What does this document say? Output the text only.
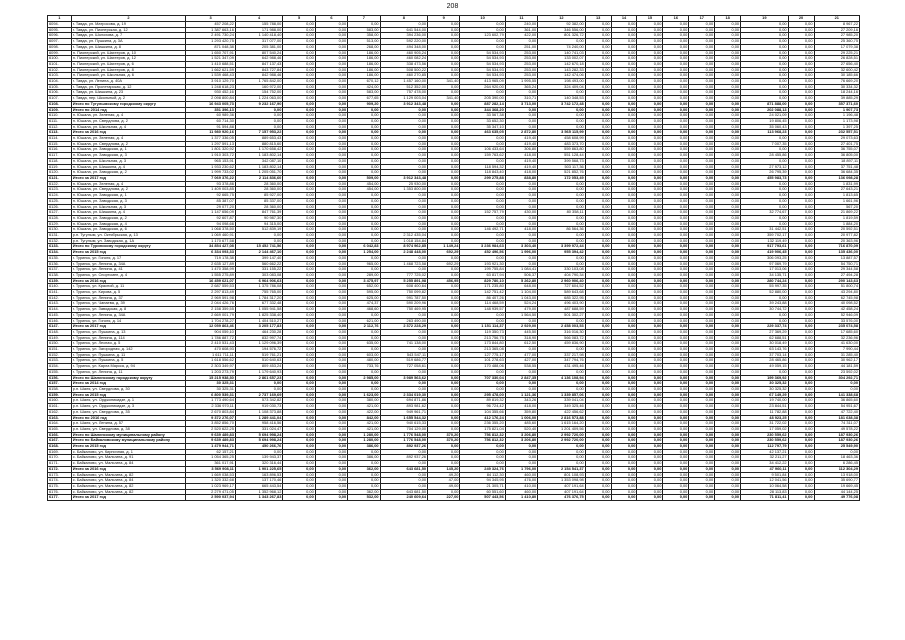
208
1	2	3	4	5	6	7	8	9	10	11	12	13	14	15	16	17	18	19	20	21
6094.	г. Тавда, ул. Матросова, д. 19	457 208,22	155 788,00	0,00	0,00	0,00	0,00	0,00	0,00	240,00	92 382,00	0,00	0,00	0,00	0,00	0,00	0,00	0,00	0,00	8 967,22
6095.	г. Тавда, ул. Пионерская, д. 12	1 387 663,16	171 988,00	0,00	0,00	583,00	641 544,00	0,00	0,00	361,00	346 556,00	0,00	0,00	0,00	0,00	0,00	0,00	0,00	0,00	27 209,16
6096.	г. Тавда, ул. Шолохова, д. 7	2 491 730,24	1 140 418,40	0,00	0,00	358,00	394 236,00	0,00	123 602,79	422,00	801 326,72	0,00	0,00	0,00	0,00	0,00	0,00	0,00	0,00	27 985,20
6097.	г. Тавда, ул. Пушкина, д. 3А	1 293 420,75	317 077,00	0,00	0,00	513,00	592 220,00	0,00	0,00	0,00	0,00	0,00	0,00	0,00	0,00	0,00	0,00	0,00	0,00	25 360,75
6098.	г. Тавда, ул. Шишкина, д. 8	871 048,38	205 381,00	0,00	0,00	268,00	494 348,00	0,00	0,00	251,00	74 240,00	0,00	0,00	0,00	0,00	0,00	0,00	0,00	0,00	17 079,38
6099.	п. Пионерский, ул. Шахтеров, д. 10	1 650 707,91	807 540,24	0,00	0,00	186,00	460 905,24	0,00	54 534,93	253,00	140 741,03	0,00	0,00	0,00	0,00	0,00	0,00	0,00	0,00	29 225,21
6100.	п. Пионерский, ул. Шахтеров, д. 12	1 521 347,09	642 988,46	0,00	0,00	186,00	460 082,24	0,00	54 534,93	253,00	133 002,07	0,00	0,00	0,00	0,00	0,00	0,00	0,00	0,00	26 828,51
6101.	п. Пионерский, ул. Шахтеров, д. 6	1 410 688,51	847 137,43	0,00	0,00	186,00	338 473,56	0,00	54 534,93	253,00	142 670,18	0,00	0,00	0,00	0,00	0,00	0,00	0,00	0,00	27 656,40
6102.	п. Пионерский, ул. Шахтеров, д. 8	1 662 621,59	843 727,84	0,00	0,00	186,00	508 500,22	0,00	54 534,93	253,00	143 282,33	0,00	0,00	0,00	0,00	0,00	0,00	0,00	0,00	32 600,42
6103.	п. Пионерский, ул. Школьная, д. 6	1 539 468,43	842 988,46	0,00	0,00	186,00	460 270,85	0,00	54 534,93	253,00	142 474,06	0,00	0,00	0,00	0,00	0,00	0,00	0,00	0,00	30 185,66
6104.	г. Тавда, ул. Ленина, д. 40А	3 910 129,70	1 765 842,00	0,00	0,00	670,12	1 457 160,00	341,40	413 965,09	1 995,55	198 493,00	0,00	0,00	0,00	0,00	0,00	0,00	0,00	0,00	76 669,20
6105.	г. Тавда, ул. Пролетарская, д. 12	1 248 618,23	160 972,00	0,00	0,00	424,00	512 352,00	0,00	264 920,00	365,24	324 409,04	0,00	0,00	0,00	0,00	0,00	0,00	0,00	0,00	30 334,32
6106.	г. Тавда, ул. Шишкина, д. 23	930 452,16	154 752,00	0,00	0,00	583,00	757 478,00	0,00	0,00	0,00	0,00	0,00	0,00	0,00	0,00	0,00	0,00	0,00	0,00	18 244,16
6107.	г. Тавда, пер. Школьный, д. 2	2 098 800,84	1 224 063,00	0,00	0,00	677,65	1 129 003,04	341,40	205 390,00	310,71	140 348,53	0,00	0,00	0,00	0,00	0,00	0,00	0,00	0,00	39 885,29
6108.	Итого по Тугулымскому городскому округу	16 943 005,73	9 232 167,90	0,00	0,00	909,20	3 912 343,48	0,00	887 282,14	3 713,00	3 742 172,48	0,00	0,00	0,00	0,00	0,00	0,00	871 888,00	0,00	357 371,60
6109.	Итого по 2014 год	351 396,13	0,00	0,00	0,00	0,00	0,00	0,00	344 368,20	0,00	0,00	0,00	0,00	0,00	0,00	0,00	0,00	202 088,13	0,00	1 907,73
6110.	п. Юшала, ул. Зеленая, д. 4	60 989,36	0,00	0,00	0,00	0,00	0,00	0,00	33 567,38	0,00	0,00	0,00	0,00	0,00	0,00	0,00	0,00	24 021,09	0,00	1 196,48
6111.	п. Юшала, ул. Свердлова, д. 2	60 714,30	0,00	0,00	0,00	0,00	0,00	0,00	33 652,30	0,00	0,00	0,00	0,00	0,00	0,00	0,00	0,00	19 806,45	0,00	1 173,98
6112.	п. Юшала, ул. Школьная, д. 4	91 594,88	0,00	0,00	0,00	0,00	0,00	0,00	35 347,10	0,00	0,00	0,00	0,00	0,00	0,00	0,00	0,00	35 060,43	0,00	1 397,25
6113.	Итого за 2016 год	11 980 920,16	7 157 953,22	0,00	0,00	0,00	0,00	0,00	463 635,05	2 872,80	3 565 115,99	0,00	0,00	0,00	0,00	0,00	0,00	113 968,23	0,00	232 557,51
6114.	п. Юшала, ул. Зеленая, д. 4	1 377 336,05	889 653,43	0,00	0,00	0,00	0,00	0,00	0,00	419,40	458 608,99	0,00	0,00	0,00	0,00	0,00	0,00	0,00	0,00	29 073,63
6115.	п. Юшала, ул. Свердлова, д. 2	1 297 591,13	880 815,60	0,00	0,00	0,00	0,00	0,00	0,00	419,40	483 373,70	0,00	0,00	0,00	0,00	0,00	0,00	7 007,35	0,00	27 401,75
6116.	п. Юшала, ул. Заводская, д. 1	1 801 320,92	1 170 658,42	0,00	0,00	0,00	0,00	0,00	106 433,64	306,80	559 863,80	0,00	0,00	0,00	0,00	0,00	0,00	0,00	0,00	36 755,07
6117.	п. Юшала, ул. Заводская, д. 3	1 910 303,72	1 183 802,14	0,00	0,00	0,00	0,00	0,00	159 763,62	418,00	551 128,44	0,00	0,00	0,00	0,00	0,00	0,00	28 455,86	0,00	36 805,00
6118.	п. Юшала, ул. Школьная, д. 3	965 153,91	342 087,10	0,00	0,00	0,00	0,00	0,00	0,00	419,40	399 568,73	0,00	0,00	0,00	0,00	0,00	0,00	0,00	0,00	18 897,11
6119.	п. Юшала, ул. Шишкина, д. 4	1 933 230,62	1 183 802,14	0,00	0,00	0,00	0,00	0,00	118 594,32	419,40	503 117,36	0,00	0,00	0,00	0,00	0,00	0,00	27 973,12	0,00	37 751,48
6120.	п. Юшала, ул. Заводская, д. 2	1 999 733,02	1 205 051,70	0,00	0,00	0,00	0,00	0,00	118 843,40	418,00	521 852,76	0,00	0,00	0,00	0,00	0,00	0,00	26 795,39	0,00	36 684,35
6121.	Итого за 2017 год	7 069 376,22	2 114 836,60	0,00	0,00	509,00	3 912 343,48	0,00	299 275,88	838,80	172 053,49	0,00	0,00	0,00	0,00	0,00	0,00	455 983,73	0,00	136 098,28
6122.	п. Юшала, ул. Зеленая, д. 4	93 378,86	28 360,00	0,00	0,00	454,00	25 930,00	0,00	0,00	0,00	0,00	0,00	0,00	0,00	0,00	0,00	0,00	0,00	0,00	1 831,99
6123.	п. Юшала, ул. Свердлова, д. 2	1 409 003,85	28 360,00	0,00	0,00	454,00	1 353 800,00	0,00	0,00	0,00	0,00	0,00	0,00	0,00	0,00	0,00	0,00	0,00	0,00	27 643,21
6124.	п. Юшала, ул. Заводская, д. 1	92 665,75	85 927,00	0,00	0,00	0,00	0,00	0,00	0,00	0,00	0,00	0,00	0,00	0,00	0,00	0,00	0,00	0,00	0,00	1 813,65
6125.	п. Юшала, ул. Заводская, д. 3	85 387,07	85 337,00	0,00	0,00	0,00	0,00	0,00	0,00	0,00	0,00	0,00	0,00	0,00	0,00	0,00	0,00	0,00	0,00	1 661,96
6126.	п. Юшала, ул. Школьная, д. 3	29 077,20	28 360,00	0,00	0,00	0,00	0,00	0,00	0,00	0,00	0,00	0,00	0,00	0,00	0,00	0,00	0,00	0,00	0,00	567,20
6127.	п. Юшала, ул. Шишкина, д. 4	1 147 656,09	847 761,39	0,00	0,00	0,00	0,00	0,00	152 757,79	430,00	80 358,11	0,00	0,00	0,00	0,00	0,00	0,00	32 774,67	0,00	21 869,22
6128.	п. Юшала, ул. Заводская, д. 2	92 607,87	90 987,30	0,00	0,00	0,00	0,00	0,00	0,00	0,00	0,00	0,00	0,00	0,00	0,00	0,00	0,00	0,00	0,00	1 819,59
6129.	п. Юшала, ул. Заводская, д. 4	94 098,66	94 315,00	0,00	0,00	0,00	0,00	0,00	0,00	0,00	0,00	0,00	0,00	0,00	0,00	0,00	0,00	0,00	0,00	1 884,20
6130.	п. Юшала, ул. Заводская, д. 6	1 068 378,50	512 839,19	0,00	0,00	0,00	0,00	0,00	146 492,71	418,00	86 564,36	0,00	0,00	0,00	0,00	0,00	0,00	31 442,51	0,00	20 592,51
6131.	р.п. Тугулым, ул. Октябрьская, д. 13	1 069 460,91	0,00	0,00	0,00	0,00	2 312 435,04	0,00	0,00	0,00	0,00	0,00	0,00	0,00	0,00	0,00	0,00	359 702,17	0,00	20 977,82
6132.	р.п. Тугулым, ул. Заводская, д. 1А	1 170 677,58	0,00	0,00	0,00	0,00	1 018 154,84	0,00	0,00	0,00	0,00	0,00	0,00	0,00	0,00	0,00	0,00	132 119,49	0,00	20 363,96
6133.	Итого по Туринскому городскому округу	34 854 427,08	15 452 741,56	0,00	0,00	6 042,83	8 974 962,85	1 149,24	3 236 984,63	3 303,40	3 399 972,44	0,00	0,00	0,00	0,00	0,00	0,00	917 793,61	0,00	716 870,09
6134.	Итого за 2015 год	6 334 093,33	2 144 467,10	0,00	0,00	1 254,00	2 248 448,00	692,29	452 496,56	1 996,00	955 394,42	0,00	0,00	0,00	0,00	0,00	0,00	419 906,45	0,00	135 436,00
6135.	г. Туринск, ул. Гоголя, д. 17	719 178,38	399 147,40	0,00	0,00	0,00	0,00	0,00	0,00	0,00	0,00	0,00	0,00	0,00	0,00	0,00	0,00	306 093,25	0,00	13 887,57
6136.	г. Туринск, ул. Ленина, д. 34А	2 635 127,89	560 662,22	0,00	0,00	965,00	1 468 723,58	692,29	193 921,30	0,00	0,00	0,00	0,00	0,00	0,00	0,00	0,00	97 069,79	0,00	54 750,71
6137.	г. Туринск, ул. Ленина, д. 41	1 470 358,99	331 155,22	0,00	0,00	0,00	0,00	0,00	199 755,84	1 084,41	330 103,08	0,00	0,00	0,00	0,00	0,00	0,00	17 013,06	0,00	29 344,58
6138.	г. Туринск, ул. Спортсмен, д. 4	1 555 275,89	303 083,08	0,00	0,00	289,00	777 725,02	0,00	63 817,94	506,37	404 790,34	0,00	0,00	0,00	0,00	0,00	0,00	34 135,71	0,00	27 494,28
6139.	Итого за 2016 год	16 459 621,07	6 964 906,63	0,00	0,00	3 475,97	5 255 891,98	456,95	829 780,10	5 262,80	2 960 906,40	0,00	0,00	0,00	0,00	0,00	0,00	280 744,24	0,00	290 143,63
6140.	г. Туринск, ул. Красной, д. 11	2 687 559,53	1 375 786,08	0,00	0,00	652,00	608 400,64	0,00	171 235,80	648,00	727 604,52	0,00	0,00	0,00	0,00	0,00	0,00	55 997,35	0,00	51 800,74
6141.	г. Туринск, ул. Кирова, д. 5	2 297 813,49	755 765,00	0,00	0,00	595,00	750 099,82	0,00	142 751,42	1 104,00	589 643,68	0,00	0,00	0,00	0,00	0,00	0,00	52 880,00	0,00	43 294,80
6142.	г. Туринск, ул. Ленина, д. 37	2 969 591,98	1 784 317,20	0,00	0,00	625,00	991 787,50	0,00	86 407,26	1 043,00	685 322,95	0,00	0,00	0,00	0,00	0,00	0,00	0,00	0,00	62 745,98
6143.	г. Туринск, ул. Чапаева, д. 39	2 044 426,76	677 332,48	0,00	0,00	474,37	590 209,96	0,00	114 468,59	524,24	496 403,90	0,00	0,00	0,00	0,00	0,00	0,00	39 243,88	0,00	40 098,52
6144.	г. Туринск, ул. Заводская, д. 8	2 158 359,55	1 055 941,58	0,00	0,00	468,60	750 469,95	0,00	148 939,57	479,00	487 688,59	0,00	0,00	0,00	0,00	0,00	0,00	30 744,72	0,00	42 458,24
6145.	г. Туринск, ул. Ленина, д. 34А	2 669 001,79	1 825 338,40	0,00	0,00	0,00	0,00	0,00	0,00	1 564,50	501 302,27	0,00	0,00	0,00	0,00	0,00	0,00	0,00	0,00	52 946,09
6146.	г. Туринск, ул. Гоголя, д. 14	1 704 278,27	1 404 510,27	0,00	0,00	621,00	263 490,00	0,00	0,00	0,00	0,00	0,00	0,00	0,00	0,00	0,00	0,00	0,00	0,00	33 576,00
6147.	Итого за 2017 год	12 059 863,46	3 205 177,83	0,00	0,00	2 112,76	2 372 228,29	0,00	1 151 114,37	2 929,00	2 458 003,53	0,00	0,00	0,00	0,00	0,00	0,00	229 337,74	0,00	235 074,58
6148.	г. Туринск, ул. Пушкина, д. 13	904 059,10	464 230,28	0,00	0,00	0,00	0,00	0,00	119 350,73	445,50	316 016,30	0,00	0,00	0,00	0,00	0,00	0,00	27 369,29	0,00	17 685,60
6149.	г. Туринск, ул. Ленина, д. 114	1 786 887,72	832 997,74	0,00	0,00	0,00	0,00	0,00	213 756,75	318,90	566 083,72	0,00	0,00	0,00	0,00	0,00	0,00	62 688,51	0,00	32 236,96
6150.	г. Туринск, ул. Лесная, д. 5	2 410 531,43	1 129 096,39	0,00	0,00	635,00	741 138,00	0,00	173 844,80	612,50	459 836,90	0,00	0,00	0,00	0,00	0,00	0,00	30 018,49	0,00	41 630,00
6151.	г. Туринск, ул. Загородная, д. 142	470 608,93	194 576,72	0,00	0,00	0,00	0,00	0,00	213 365,08	0,00	0,00	0,00	0,00	0,00	0,00	0,00	0,00	63 143,76	0,00	7 990,44
6152.	г. Туринск, ул. Пушкина, д. 11	1 611 711,11	519 761,21	0,00	0,00	603,00	543 547,11	0,00	127 775,17	477,00	337 217,98	0,00	0,00	0,00	0,00	0,00	0,00	37 703,14	0,00	31 285,40
6153.	г. Туринск, ул. Пушкина, д. 5	1 618 556,62	510 640,63	0,00	0,00	480,00	519 686,77	0,00	101 278,63	427,00	347 794,76	0,00	0,00	0,00	0,00	0,00	0,00	28 465,86	0,00	30 962,17
6154.	г. Туринск, ул. Карла Маркса, д. 94	2 303 349,97	809 453,24	0,00	0,00	733,76	727 058,61	0,00	170 488,06	538,55	431 495,46	0,00	0,00	0,00	0,00	0,00	0,00	49 059,15	0,00	44 181,59
6155.	г. Туринск, ул. Ленина, д. 11	1 203 273,79	1 179 640,93	0,00	0,00	0,00	0,00	0,00	0,00	0,00	0,00	0,00	0,00	0,00	0,00	0,00	0,00	0,00	0,00	23 592,02
6156.	Итого по Шалинскому городскому округу	15 215 938,30	2 861 657,23	0,00	0,00	2 985,00	3 989 563,62	0,00	707 330,04	2 847,35	4 136 108,94	0,00	0,00	0,00	0,00	0,00	0,00	199 369,92	0,00	304 292,71
6157.	Итого за 2014 год	30 325,31	0,00	0,00	0,00	0,00	0,00	0,00	0,00	0,00	0,00	0,00	0,00	0,00	0,00	0,00	0,00	30 325,32	0,00	0,00
6158.	р.п. Шаля, ул. Свердлова, д. 30	30 325,31	0,00	0,00	0,00	0,00	0,00	0,00	0,00	0,00	0,00	0,00	0,00	0,00	0,00	0,00	0,00	30 325,32	0,00	0,00
6159.	Итого за 2015 год	6 800 539,31	2 737 169,69	0,00	0,00	1 623,00	2 334 019,30	0,00	295 478,00	1 121,36	1 339 857,06	0,00	0,00	0,00	0,00	0,00	0,00	67 149,29	0,00	141 338,68
6160.	р.п. Шаля, ул. Орджоникидзе, д. 1	1 773 490,64	573 342,82	0,00	0,00	380,00	694 871,86	0,00	89 819,32	343,26	339 041,04	0,00	0,00	0,00	0,00	0,00	0,00	19 740,00	0,00	36 865,60
6161.	р.п. Шаля, ул. Орджоникидзе, д. 3	2 336 970,11	919 030,73	0,00	0,00	421,00	893 981,62	0,00	96 724,42	418,00	349 325,46	0,00	0,00	0,00	0,00	0,00	0,00	23 844,51	0,00	54 951,67
6162.	р.п. Шаля, ул. Свердлова, д. 35	2 670 803,84	1 108 373,88	0,00	0,00	422,00	949 961,71	0,00	104 355,66	359,80	422 456,62	0,00	0,00	0,00	0,00	0,00	0,00	11 782,88	0,00	47 722,40
6163.	Итого по 2016 год	9 372 276,07	1 289 441,04	0,00	0,00	842,00	1 655 544,32	0,00	412 176,24	1 006,00	2 816 573,88	0,00	0,00	0,00	0,00	0,00	0,00	48 923,25	0,00	181 638,38
6164.	р.п. Шаля, ул. Ленина, д. 57	3 852 856,70	958 416,56	0,00	0,00	421,00	940 615,33	0,00	236 355,20	485,60	1 615 164,20	0,00	0,00	0,00	0,00	0,00	0,00	31 722,02	0,00	74 311,07
6165.	р.п. Шаля, ул. Свердлова, д. 38	2 520 622,25	331 024,47	0,00	0,00	421,00	704 129,00	0,00	175 821,04	520,40	1 201 409,56	0,00	0,00	0,00	0,00	0,00	0,00	17 059,02	0,00	49 578,22
6166.	Итого по Шалинскому муниципальному району	9 639 489,83	5 694 998,24	0,00	0,00	1 280,00	1 776 548,00	370,20	756 812,32	3 206,80	2 992 720,00	0,00	0,00	0,00	0,00	0,00	0,00	230 559,62	0,00	187 930,26
6167.	Итого по Байкаловскому муниципальному району	9 639 489,83	5 694 998,24	0,00	0,00	1 280,00	1 776 548,00	370,20	756 812,32	3 206,80	2 992 720,00	0,00	0,00	0,00	0,00	0,00	0,00	230 559,62	0,00	187 930,26
6168.	Итого за 2015 год	1 479 944,71	450 266,76	0,00	0,00	386,00	892 937,26	0,00	0,00	0,00	0,00	0,00	0,00	0,00	0,00	0,00	0,00	112 797,79	0,00	25 549,90
6169.	с. Байкалово, ул. Кирпичная, д. 1	62 157,21	0,00	0,00	0,00	0,00	0,00	0,00	0,00	0,00	0,00	0,00	0,00	0,00	0,00	0,00	0,00	42 137,21	0,00	0,00
6170.	с. Байкалово, ул. Мальгина, д. 91	1 054 365,25	139 943,37	0,00	0,00	386,00	892 937,26	0,00	0,00	0,00	0,00	0,00	0,00	0,00	0,00	0,00	0,00	32 211,27	0,00	18 463,36
6171.	с. Байкалово, ул. Мальгина, д. 84	361 017,91	320 316,44	0,00	0,00	0,00	0,00	0,00	0,00	0,00	0,00	0,00	0,00	0,00	0,00	0,00	0,00	34 412,22	0,00	6 286,45
6172.	Итого за 2016 год	3 569 908,11	1 901 225,65	0,00	0,00	362,00	643 681,50	145,20	249 324,76	1 796,00	2 154 541,37	0,00	0,00	0,00	0,00	0,00	0,00	47 960,11	0,00	112 304,29
6173.	с. Байкалово, ул. Мальгина, д. 82	1 669 038,53	163 896,53	0,00	0,00	0,00	0,00	49,20	84 112,30	460,00	801 108,93	0,00	0,00	0,00	0,00	0,00	0,00	9 501,84	0,00	13 918,00
6174.	с. Байкалово, ул. Мальгина, д. 84	1 320 332,68	137 170,46	0,00	0,00	0,00	0,00	47,00	94 345,95	476,00	1 353 098,98	0,00	0,00	0,00	0,00	0,00	0,00	12 041,56	0,00	35 690,77
6175.	с. Байкалово, ул. Мальгина, д. 82	1 023 969,17	665 443,54	0,00	0,00	0,00	0,00	49,00	21 305,71	410,00	407 191,64	0,00	0,00	0,00	0,00	0,00	0,00	10 064,58	0,00	19 669,45
6176.	с. Байкалово, ул. Мальгина, д. 82	2 279 471,05	1 352 968,12	0,00	0,00	362,00	643 681,50	0,00	60 551,60	460,00	407 191,64	0,00	0,00	0,00	0,00	0,00	0,00	28 113,83	0,00	44 144,25
6177.	Итого за 2017 год	2 590 037,94	1 343 267,83	0,00	0,00	532,00	240 609,64	227,00	507 443,56	1 410,80	476 376,75	0,00	0,00	0,00	0,00	0,00	0,00	71 811,41	0,00	49 776,08
